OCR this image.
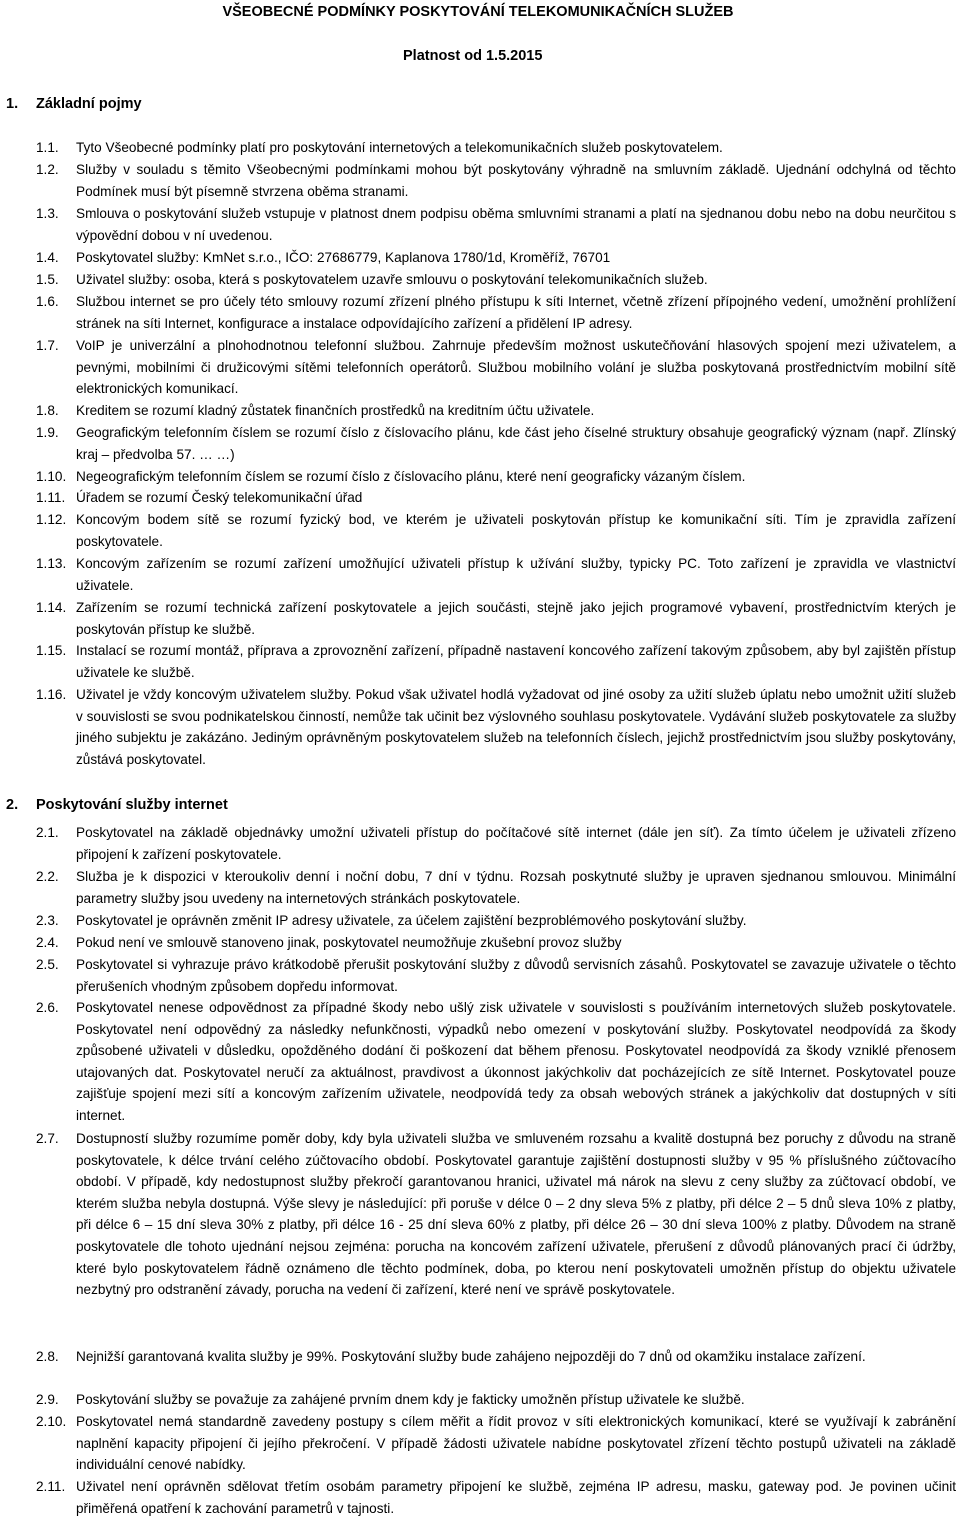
VŠEOBECNÉ PODMÍNKY POSKYTOVÁNÍ TELEKOMUNIKAČNÍCH SLUŽEB
Platnost od 1.5.2015
1. Základní pojmy
1.1.	Tyto Všeobecné podmínky platí pro poskytování internetových a telekomunikačních služeb poskytovatelem.
1.2.	Služby v souladu s těmito Všeobecnými podmínkami mohou být poskytovány výhradně na smluvním základě. Ujednání odchylná od těchto Podmínek musí být písemně stvrzena oběma stranami.
1.3.	Smlouva o poskytování služeb vstupuje v platnost dnem podpisu oběma smluvními stranami a platí na sjednanou dobu nebo na dobu neurčitou s výpovědní dobou v ní uvedenou.
1.4.	Poskytovatel služby: KmNet s.r.o., IČO: 27686779, Kaplanova 1780/1d, Kroměříž, 76701
1.5.	Uživatel služby: osoba, která s poskytovatelem uzavře smlouvu o poskytování telekomunikačních služeb.
1.6.	Službou internet se pro účely této smlouvy rozumí zřízení plného přístupu k síti Internet, včetně zřízení přípojného vedení, umožnění prohlížení stránek na síti Internet, konfigurace a instalace odpovídajícího zařízení a přidělení IP adresy.
1.7.	VoIP je univerzální a plnohodnotnou telefonní službou. Zahrnuje především možnost uskutečňování hlasových spojení mezi uživatelem, a pevnými, mobilními či družicovými sítěmi telefonních operátorů. Službou mobilního volání je služba poskytovaná prostřednictvím mobilní sítě elektronických komunikací.
1.8.	Kreditem se rozumí kladný zůstatek finančních prostředků na kreditním účtu uživatele.
1.9.	Geografickým telefonním číslem se rozumí číslo z číslovacího plánu, kde část jeho číselné struktury obsahuje geografický význam (např. Zlínský kraj – předvolba 57. … …)
1.10. Negeografickým telefonním číslem se rozumí číslo z číslovacího plánu, které není geograficky vázaným číslem.
1.11. Úřadem se rozumí Český telekomunikační úřad
1.12. Koncovým bodem sítě se rozumí fyzický bod, ve kterém je uživateli poskytován přístup ke komunikační síti. Tím je zpravidla zařízení poskytovatele.
1.13. Koncovým zařízením se rozumí zařízení umožňující uživateli přístup k užívání služby, typicky PC. Toto zařízení je zpravidla ve vlastnictví uživatele.
1.14. Zařízením se rozumí technická zařízení poskytovatele a jejich součásti, stejně jako jejich programové vybavení, prostřednictvím kterých je poskytován přístup ke službě.
1.15. Instalací se rozumí montáž, příprava a zprovoznění zařízení, případně nastavení koncového zařízení takovým způsobem, aby byl zajištěn přístup uživatele ke službě.
1.16. Uživatel je vždy koncovým uživatelem služby. Pokud však uživatel hodlá vyžadovat od jiné osoby za užití služeb úplatu nebo umožnit užití služeb v souvislosti se svou podnikatelskou činností, nemůže tak učinit bez výslovného souhlasu poskytovatele. Vydávání služeb poskytovatele za služby jiného subjektu je zakázáno. Jediným oprávněným poskytovatelem služeb na telefonních číslech, jejichž prostřednictvím jsou služby poskytovány, zůstává poskytovatel.
2. Poskytování služby internet
2.1.	Poskytovatel na základě objednávky umožní uživateli přístup do počítačové sítě internet (dále jen síť). Za tímto účelem je uživateli zřízeno připojení k zařízení poskytovatele.
2.2.	Služba je k dispozici v kteroukoliv denní i noční dobu, 7 dní v týdnu. Rozsah poskytnuté služby je upraven sjednanou smlouvou. Minimální parametry služby jsou uvedeny na internetových stránkách poskytovatele.
2.3.	Poskytovatel je oprávněn změnit IP adresy uživatele, za účelem zajištění bezproblémového poskytování služby.
2.4.	Pokud není ve smlouvě stanoveno jinak, poskytovatel neumožňuje zkušební provoz služby
2.5.	Poskytovatel si vyhrazuje právo krátkodobě přerušit poskytování služby z důvodů servisních zásahů. Poskytovatel se zavazuje uživatele o těchto přerušeních vhodným způsobem dopředu informovat.
2.6.	Poskytovatel nenese odpovědnost za případné škody nebo ušlý zisk uživatele v souvislosti s používáním internetových služeb poskytovatele. Poskytovatel není odpovědný za následky nefunkčnosti, výpadků nebo omezení v poskytování služby. Poskytovatel neodpovídá za škody způsobené uživateli v důsledku, opožděného dodání či poškození dat během přenosu. Poskytovatel neodpovídá za škody vzniklé přenosem utajovaných dat. Poskytovatel neručí za aktuálnost, pravdivost a úkonnost jakýchkoliv dat pocházejících ze sítě Internet. Poskytovatel pouze zajišťuje spojení mezi sítí a koncovým zařízením uživatele, neodpovídá tedy za obsah webových stránek a jakýchkoliv dat dostupných v síti internet.
2.7.	Dostupností služby rozumíme poměr doby, kdy byla uživateli služba ve smluveném rozsahu a kvalitě dostupná bez poruchy z důvodu na straně poskytovatele, k délce trvání celého zúčtovacího období. Poskytovatel garantuje zajištění dostupnosti služby v 95 % příslušného zúčtovacího období. V případě, kdy nedostupnost služby překročí garantovanou hranici, uživatel má nárok na slevu z ceny služby za zúčtovací období, ve kterém služba nebyla dostupná. Výše slevy je následující: při poruše v délce 0 – 2 dny sleva 5% z platby, při délce 2 – 5 dnů sleva 10% z platby, při délce 6 – 15 dní sleva 30% z platby, při délce 16 - 25 dní sleva 60% z platby, při délce 26 – 30 dní sleva 100% z platby. Důvodem na straně poskytovatele dle tohoto ujednání nejsou zejména: porucha na koncovém zařízení uživatele, přerušení z důvodů plánovaných prací či údržby, které bylo poskytovatelem řádně oznámeno dle těchto podmínek, doba, po kterou není poskytovateli umožněn přístup do objektu uživatele nezbytný pro odstranění závady, porucha na vedení či zařízení, které není ve správě poskytovatele.
2.8.	Nejnižší garantovaná kvalita služby je 99%. Poskytování služby bude zahájeno nejpozději do 7 dnů od okamžiku instalace zařízení.
2.9.	Poskytování služby se považuje za zahájené prvním dnem kdy je fakticky umožněn přístup uživatele ke službě.
2.10. Poskytovatel nemá standardně zavedeny postupy s cílem měřit a řídit provoz v síti elektronických komunikací, které se využívají k zabránění naplnění kapacity připojení či jejího překročení. V případě žádosti uživatele nabídne poskytovatel zřízení těchto postupů uživateli na základě individuální cenové nabídky.
2.11. Uživatel není oprávněn sdělovat třetím osobám parametry připojení ke službě, zejména IP adresu, masku, gateway pod. Je povinen učinit přiměřená opatření k zachování parametrů v tajnosti.
